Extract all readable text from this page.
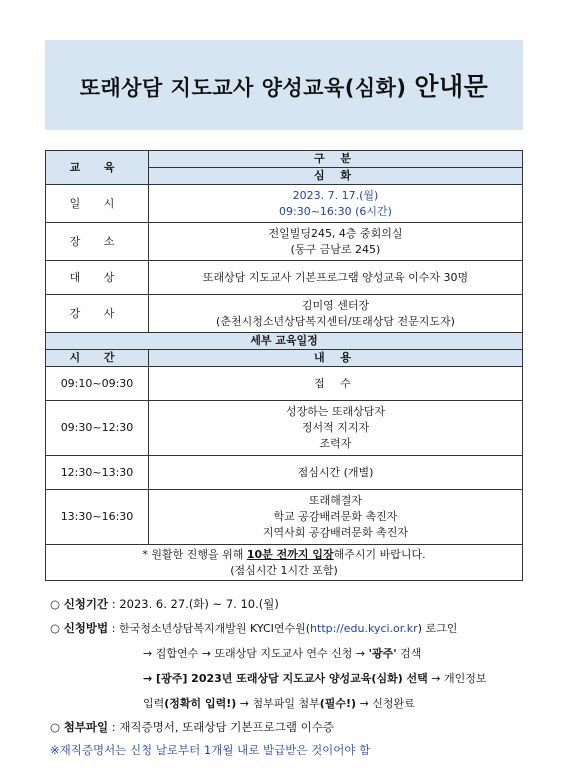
또래상담 지도교사 양성교육(심화) 안내문
교 육	구 분
	심 화
일 시	2023. 7. 17.(월)
09:30~16:30 (6시간)

장 소	전일빌딩245, 4층 중회의실
(동구 금남로 245)

대 상	또래상담 지도교사 기본프로그램 양성교육 이수자 30명
강 사	김미영 센터장
(춘천시청소년상담복지센터/또래상담 전문지도자)

세부 교육일정	
시 간	내 용
09:10~09:30	접 수
09:30~12:30	성장하는 또래상담자
정서적 지지자
조력자

12:30~13:30	점심시간 (개별)
13:30~16:30	또래해결자
학교 공감배려문화 촉진자
지역사회 공감배려문화 촉진자

* 원활한 진행을 위해 10분 전까지 입장해주시기 바랍니다.
(점심시간 1시간 포함)	
○ 신청기간 : 2023. 6. 27.(화) ~ 7. 10.(월)
○ 신청방법 : 한국청소년상담복지개발원 KYCI연수원(http://edu.kyci.or.kr) 로그인
→ 집합연수 → 또래상담 지도교사 연수 신청 → '광주' 검색
→ [광주] 2023년 또래상담 지도교사 양성교육(심화) 선택 → 개인정보
입력(정확히 입력!) → 첨부파일 첨부(필수!) → 신청완료
○ 첨부파일 : 재직증명서, 또래상담 기본프로그램 이수증
※재직증명서는 신청 날로부터 1개월 내로 발급받은 것이어야 함
